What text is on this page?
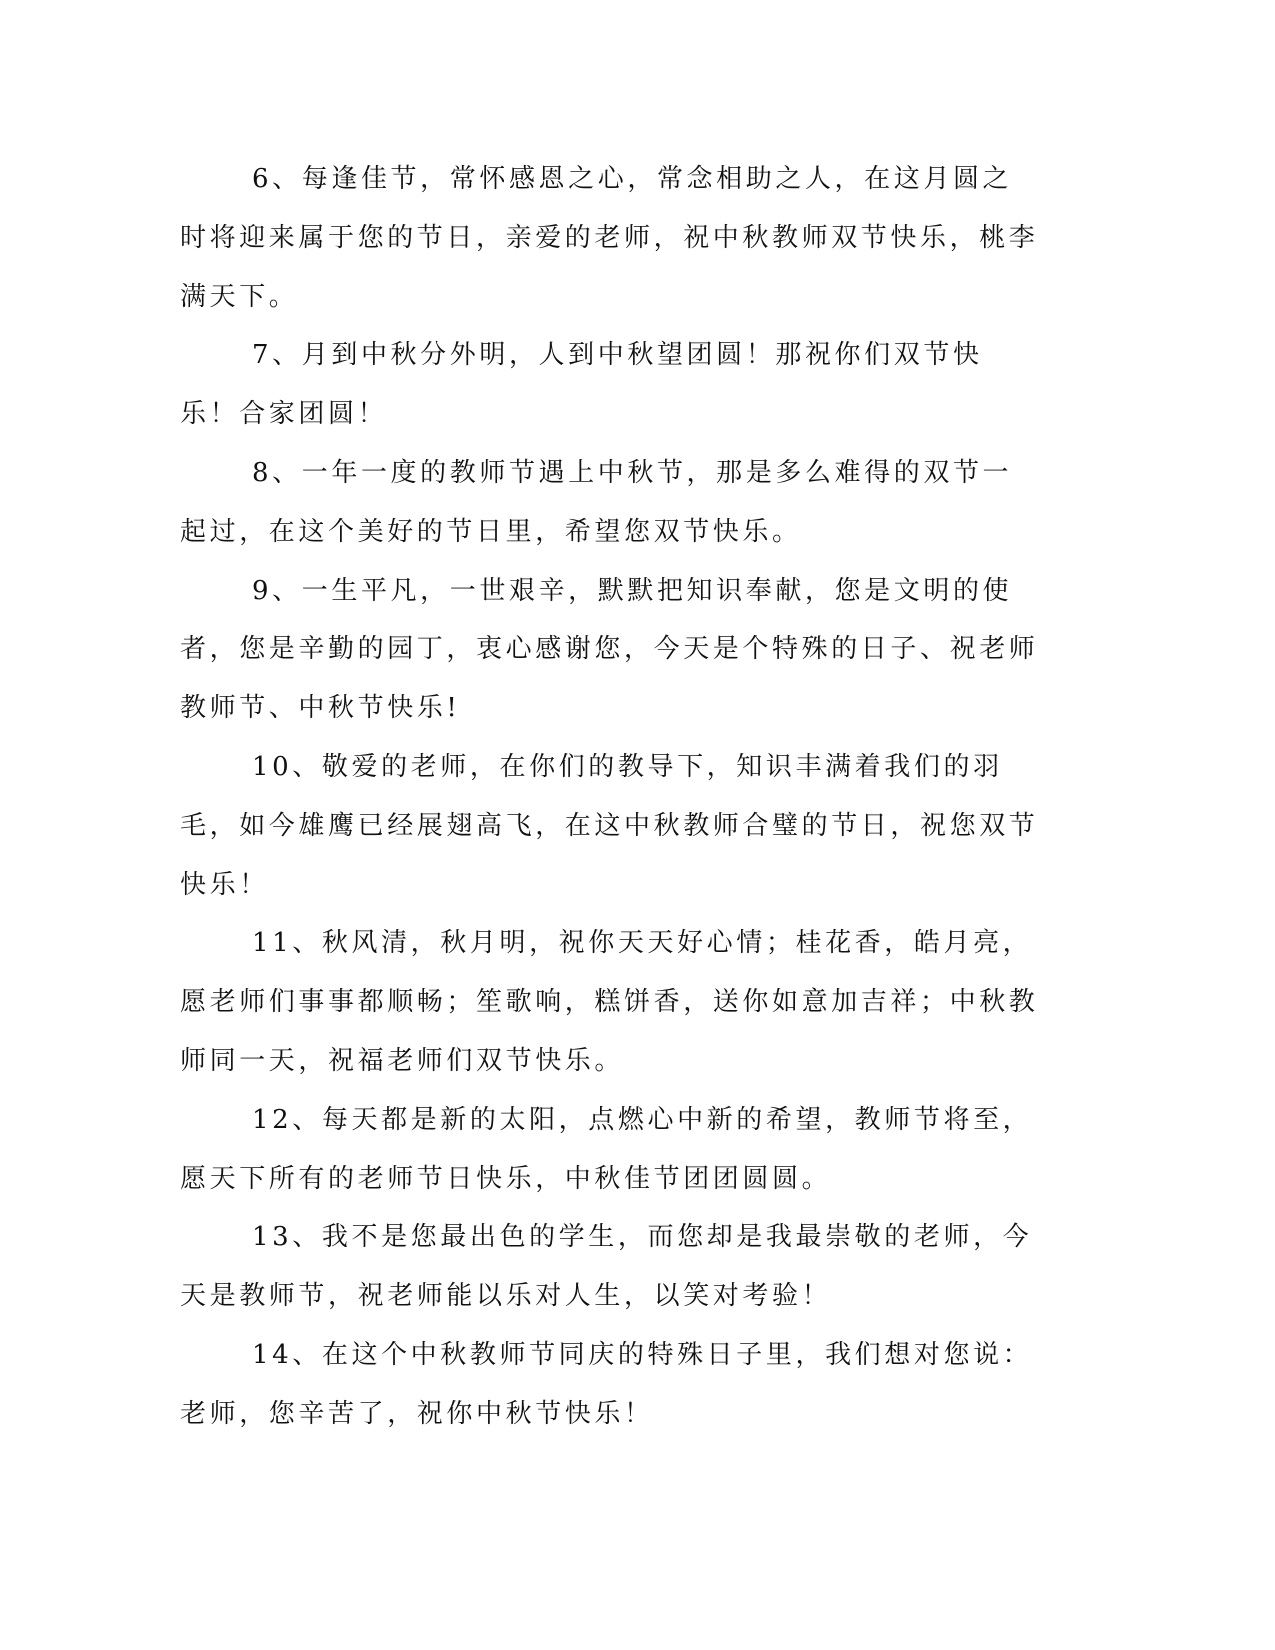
6、每逢佳节，常怀感恩之心，常念相助之人，在这月圆之时将迎来属于您的节日，亲爱的老师，祝中秋教师双节快乐，桃李满天下。

7、月到中秋分外明，人到中秋望团圆！那祝你们双节快乐！合家团圆！

8、一年一度的教师节遇上中秋节，那是多么难得的双节一起过，在这个美好的节日里，希望您双节快乐。

9、一生平凡，一世艰辛，默默把知识奉献，您是文明的使者，您是辛勤的园丁，衷心感谢您，今天是个特殊的日子、祝老师教师节、中秋节快乐!

10、敬爱的老师，在你们的教导下，知识丰满着我们的羽毛，如今雄鹰已经展翅高飞，在这中秋教师合璧的节日，祝您双节快乐！

11、秋风清，秋月明，祝你天天好心情；桂花香，皓月亮，愿老师们事事都顺畅；笙歌响，糕饼香，送你如意加吉祥；中秋教师同一天，祝福老师们双节快乐。

12、每天都是新的太阳，点燃心中新的希望，教师节将至，愿天下所有的老师节日快乐，中秋佳节团团圆圆。

13、我不是您最出色的学生，而您却是我最崇敬的老师，今天是教师节，祝老师能以乐对人生，以笑对考验！

14、在这个中秋教师节同庆的特殊日子里，我们想对您说：老师，您辛苦了，祝你中秋节快乐！
